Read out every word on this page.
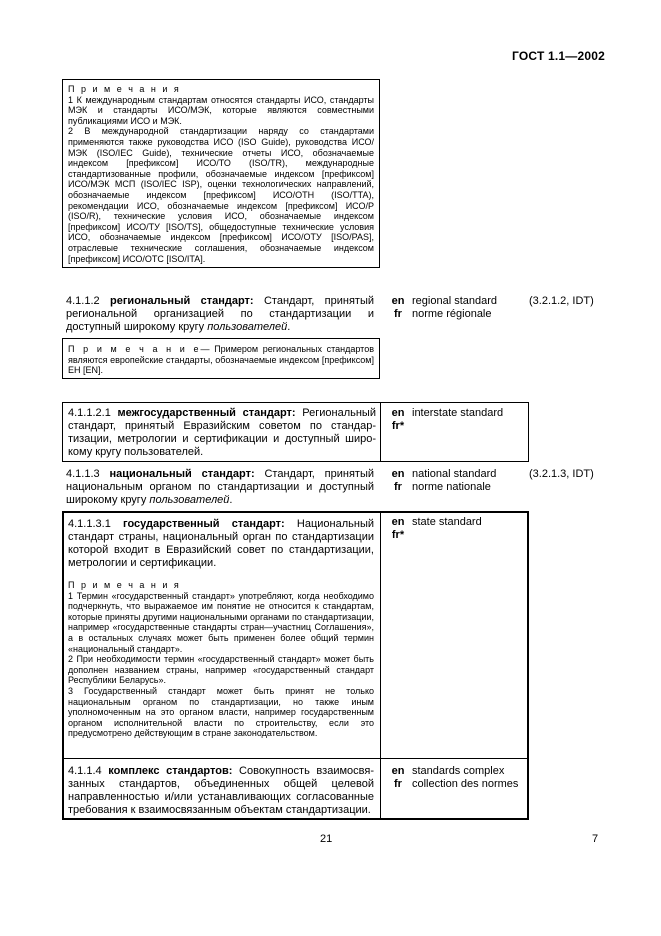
ГОСТ 1.1—2002

П р и м е ч а н и я

1 К международным стандартам относятся стандарты ИСО, стандарты МЭК и стандарты ИСО/МЭК, которые являются совместными публикациями ИСО и МЭК.

2 В международной стандартизации наряду со стандартами применяются также руководства ИСО (ISO Guide), руководства ИСО/МЭК (ISO/IEC Guide), технические отчеты ИСО, обозначаемые индексом [префиксом] ИСО/ТО (ISO/TR), международные стандартизованные профили, обозначаемые индексом [префиксом] ИСО/МЭК МСП (ISO/IEC ISP), оценки технологических направлений, обозначаемые индексом [префиксом] ИСО/ОТН (ISO/TTA), рекомендации ИСО, обозначаемые индексом [префиксом] ИСО/Р (ISO/R), технические условия ИСО, обозначаемые индексом [префиксом] ИСО/ТУ [ISO/TS], общедоступные технические условия ИСО, обозначаемые индексом [префиксом] ИСО/ОТУ [ISO/PAS], отраслевые технические соглашения, обозначаемые индексом [префиксом] ИСО/ОТС [ISO/ITA].

4.1.1.2 региональный стандарт: Стандарт, принятый региональной организацией по стандартизации и доступный широкому кругу пользователей.
en
fr
regional standard
norme régionale
(3.2.1.2, IDT)
П р и м е ч а н и е— Примером региональных стандартов являются европейские стандарты, обозначаемые индексом [префиксом] ЕН [EN].
4.1.1.2.1 межгосударственный стандарт: Региональный стандарт, принятый Евразийским советом по стандартизации, метрологии и сертификации и доступный широкому кругу пользователей.
en
fr*
interstate standard
4.1.1.3 национальный стандарт: Стандарт, принятый национальным органом по стандартизации и доступный широкому кругу пользователей.
en
fr
national standard
norme nationale
(3.2.1.3, IDT)
4.1.1.3.1 государственный стандарт: Национальный стандарт страны, национальный орган по стандартизации которой входит в Евразийский совет по стандартизации, метрологии и сертификации.

П р и м е ч а н и я

1 Термин «государственный стандарт» употребляют, когда необходимо подчеркнуть, что выражаемое им понятие не относится к стандартам, которые приняты другими национальными органами по стандартизации, например «государственные стандарты стран—участниц Соглашения», а в остальных случаях может быть применен более общий термин «национальный стандарт».

2 При необходимости термин «государственный стандарт» может быть дополнен названием страны, например «государственный стандарт Республики Беларусь».

3 Государственный стандарт может быть принят не только национальным органом по стандартизации, но также иным уполномоченным на это органом власти, например государственным органом исполнительной власти по строительству, если это предусмотрено действующим в стране законодательством.

4.1.1.4 комплекс стандартов: Совокупность взаимосвязанных стандартов, объединенных общей целевой направленностью и/или устанавливающих согласованные требования к взаимосвязанным объектам стандартизации.
en
fr*
state standard
en
fr
standards complex
collection des normes
21	7
